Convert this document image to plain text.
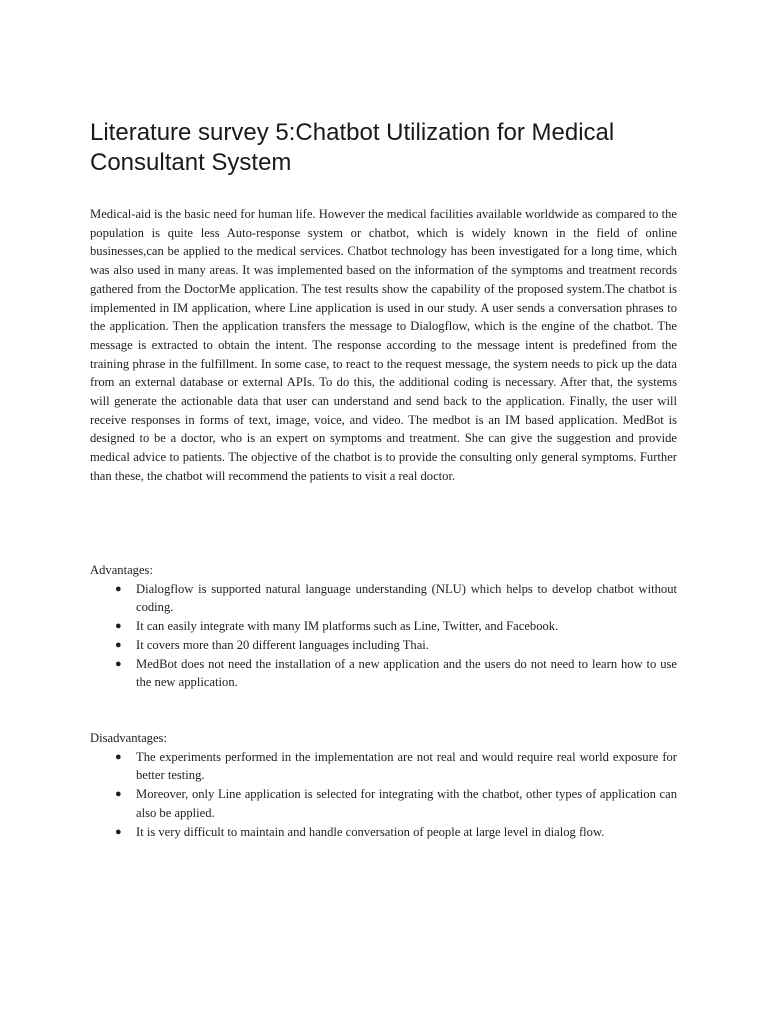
Literature survey 5:Chatbot Utilization for Medical Consultant System

Medical-aid is the basic need for human life. However the medical facilities available worldwide as compared to the population is quite less Auto-response system or chatbot, which is widely known in the field of online businesses,can be applied to the medical services. Chatbot technology has been investigated for a long time, which was also used in many areas. It was implemented based on the information of the symptoms and treatment records gathered from the DoctorMe application. The test results show the capability of the proposed system.The chatbot is implemented in IM application, where Line application is used in our study. A user sends a conversation phrases to the application. Then the application transfers the message to Dialogflow, which is the engine of the chatbot. The message is extracted to obtain the intent. The response according to the message intent is predefined from the training phrase in the fulfillment. In some case, to react to the request message, the system needs to pick up the data from an external database or external APIs. To do this, the additional coding is necessary. After that, the systems will generate the actionable data that user can understand and send back to the application. Finally, the user will receive responses in forms of text, image, voice, and video. The medbot is an IM based application. MedBot is designed to be a doctor, who is an expert on symptoms and treatment. She can give the suggestion and provide medical advice to patients. The objective of the chatbot is to provide the consulting only general symptoms. Further than these, the chatbot will recommend the patients to visit a real doctor.

Advantages:

● Dialogflow is supported natural language understanding (NLU) which helps to develop chatbot without coding.
● It can easily integrate with many IM platforms such as Line, Twitter, and Facebook.
● It covers more than 20 different languages including Thai.
● MedBot does not need the installation of a new application and the users do not need to learn how to use the new application.

Disadvantages:

● The experiments performed in the implementation are not real and would require real world exposure for better testing.
● Moreover, only Line application is selected for integrating with the chatbot, other types of application can also be applied.
● It is very difficult to maintain and handle conversation of people at large level in dialog flow.
